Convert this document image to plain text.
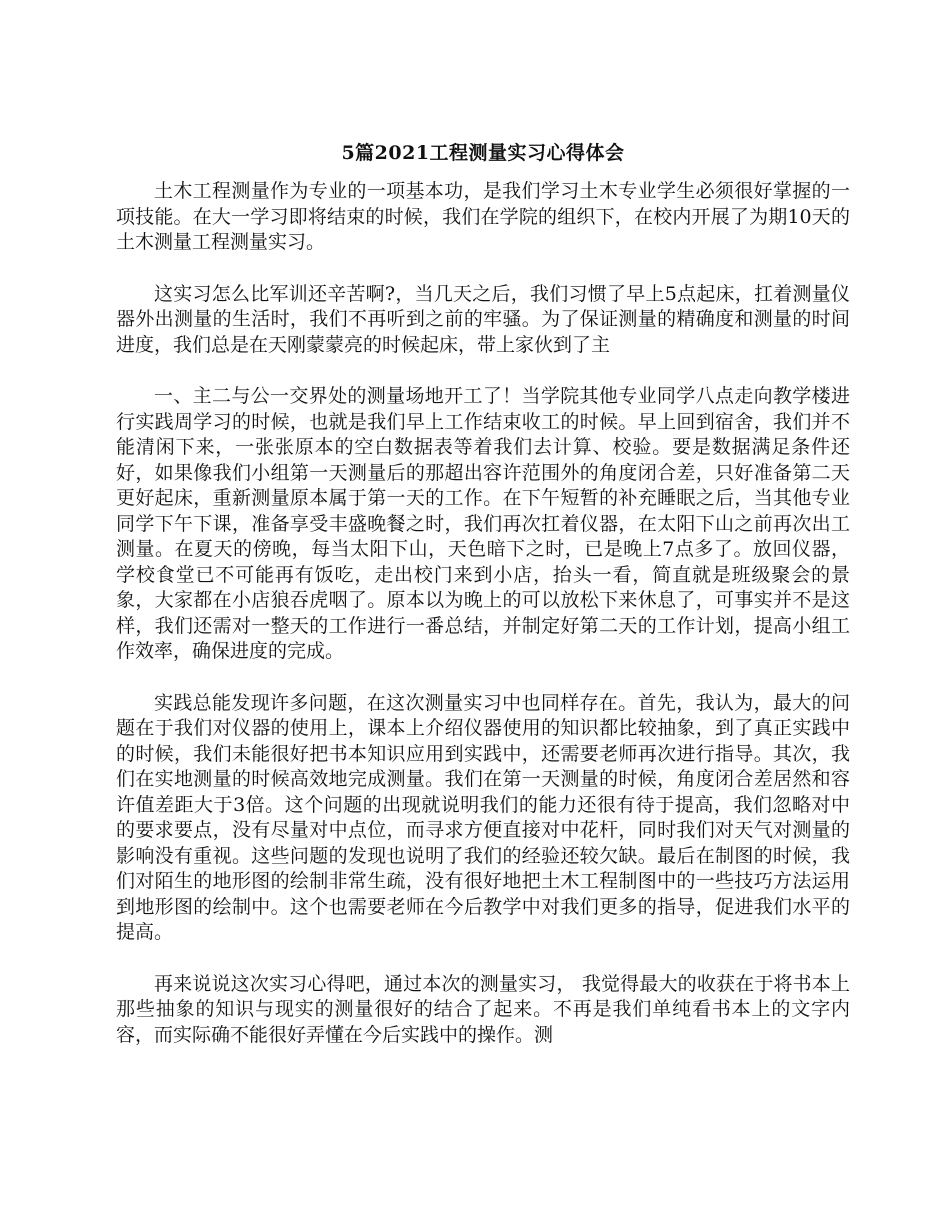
5篇2021工程测量实习心得体会

土木工程测量作为专业的一项基本功，是我们学习土木专业学生必须很好掌握的一项技能。在大一学习即将结束的时候，我们在学院的组织下，在校内开展了为期10天的土木测量工程测量实习。

这实习怎么比军训还辛苦啊?，当几天之后，我们习惯了早上5点起床，扛着测量仪器外出测量的生活时，我们不再听到之前的牢骚。为了保证测量的精确度和测量的时间进度，我们总是在天刚蒙蒙亮的时候起床，带上家伙到了主

一、主二与公一交界处的测量场地开工了！当学院其他专业同学八点走向教学楼进行实践周学习的时候，也就是我们早上工作结束收工的时候。早上回到宿舍，我们并不能清闲下来，一张张原本的空白数据表等着我们去计算、校验。要是数据满足条件还好，如果像我们小组第一天测量后的那超出容许范围外的角度闭合差，只好准备第二天更好起床，重新测量原本属于第一天的工作。在下午短暂的补充睡眠之后，当其他专业同学下午下课，准备享受丰盛晚餐之时，我们再次扛着仪器，在太阳下山之前再次出工测量。在夏天的傍晚，每当太阳下山，天色暗下之时，已是晚上7点多了。放回仪器，学校食堂已不可能再有饭吃，走出校门来到小店，抬头一看，简直就是班级聚会的景象，大家都在小店狼吞虎咽了。原本以为晚上的可以放松下来休息了，可事实并不是这样，我们还需对一整天的工作进行一番总结，并制定好第二天的工作计划，提高小组工作效率，确保进度的完成。

实践总能发现许多问题，在这次测量实习中也同样存在。首先，我认为，最大的问题在于我们对仪器的使用上，课本上介绍仪器使用的知识都比较抽象，到了真正实践中的时候，我们未能很好把书本知识应用到实践中，还需要老师再次进行指导。其次，我们在实地测量的时候高效地完成测量。我们在第一天测量的时候，角度闭合差居然和容许值差距大于3倍。这个问题的出现就说明我们的能力还很有待于提高，我们忽略对中的要求要点，没有尽量对中点位，而寻求方便直接对中花杆，同时我们对天气对测量的影响没有重视。这些问题的发现也说明了我们的经验还较欠缺。最后在制图的时候，我们对陌生的地形图的绘制非常生疏，没有很好地把土木工程制图中的一些技巧方法运用到地形图的绘制中。这个也需要老师在今后教学中对我们更多的指导，促进我们水平的提高。

再来说说这次实习心得吧，通过本次的测量实习， 我觉得最大的收获在于将书本上那些抽象的知识与现实的测量很好的结合了起来。不再是我们单纯看书本上的文字内容，而实际确不能很好弄懂在今后实践中的操作。测
